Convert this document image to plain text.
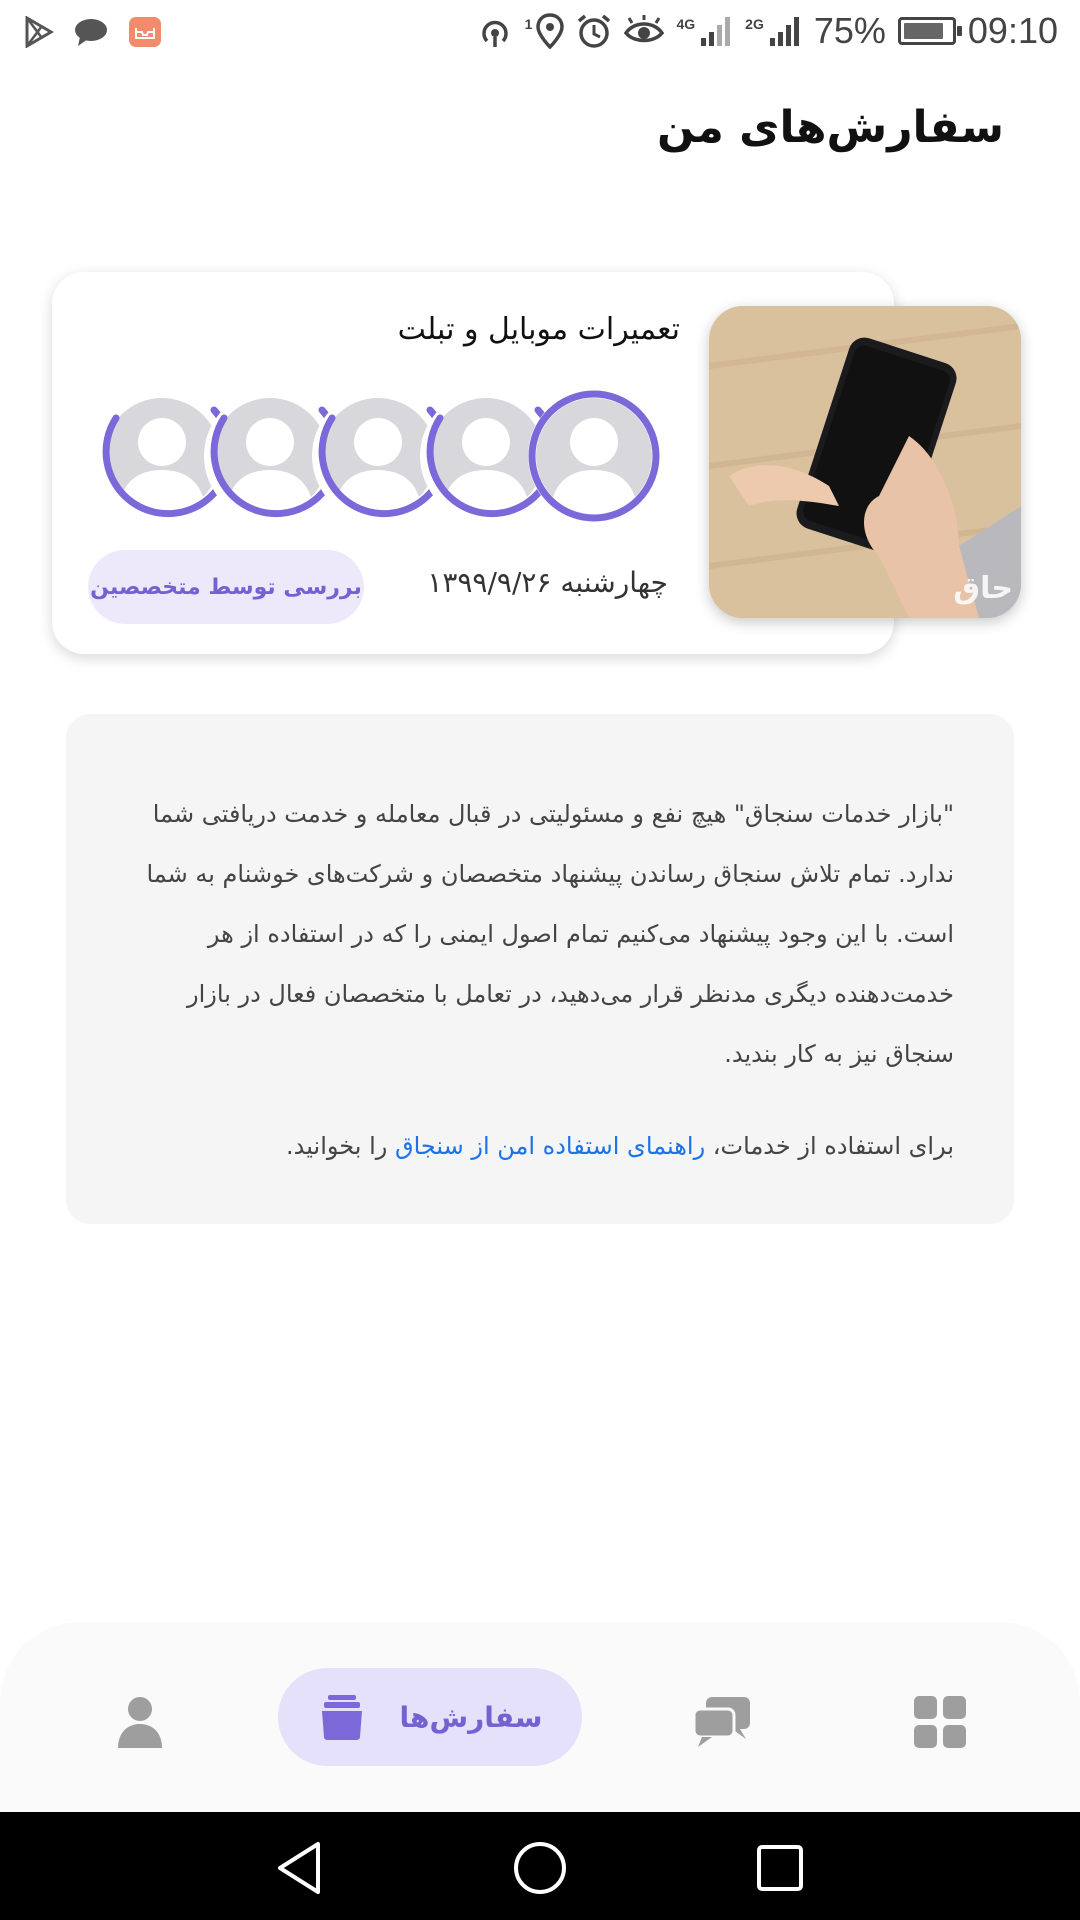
1	4G	2G 75% 09:10
سفارش‌های من
حاق
تعمیرات موبایل و تبلت
چهارشنبه ۱۳۹۹/۹/۲۶
بررسی توسط متخصصین

"بازار خدمات سنجاق" هیچ نفع و مسئولیتی در قبال معامله و خدمت دریافتی شما ندارد. تمام تلاش سنجاق رساندن پیشنهاد متخصصان و شرکت‌های خوشنام به شما است. با این وجود پیشنهاد می‌کنیم تمام اصول ایمنی را که در استفاده از هر خدمت‌دهنده دیگری مدنظر قرار می‌دهید، در تعامل با متخصصان فعال در بازار سنجاق نیز به کار بندید.

برای استفاده از خدمات، راهنمای استفاده امن از سنجاق را بخوانید.

سفارش‌ها
